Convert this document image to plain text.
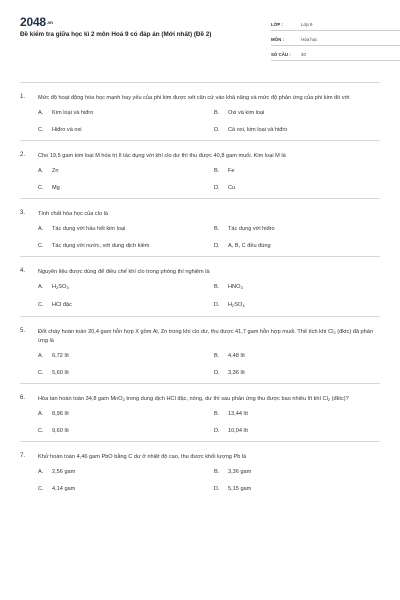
2048.vn
Đề kiểm tra giữa học kì 2 môn Hoá 9 có đáp án (Mới nhất) (Đề 2)
LỚP :	Lớp 9
MÔN :	Hóa học
SỐ CÂU :	30
1. Mức độ hoạt động hóa học mạnh hay yếu của phi kim được xét căn cứ vào khả năng và mức độ phản ứng của phi kim đó với
A.	Kim loại và hiđro	B.	Oxi và kim loại
C.	Hiđro và oxi	D.	Cả oxi, kim loại và hiđro
2. Cho 19,5 gam kim loại M hóa trị II tác dụng với khí clo dư thì thu được 40,8 gam muối. Kim loại M là
A.	Zn	B.	Fe
C.	Mg	D.	Cu
3. Tính chất hóa học của clo là
A.	Tác dụng với hầu hết kim loại	B.	Tác dụng với hiđro
C.	Tác dụng với nước, với dung dịch kiềm	D.	A, B, C đều đúng
4. Nguyên liệu được dùng để điều chế khí clo trong phòng thí nghiệm là
A.	$H_2SO_3$	B.	$HNO_3$
C.	HCl đặc	D.	$H_2SO_4$
5. Đốt cháy hoàn toàn 20,4 gam hỗn hợp X gồm Al, Zn trong khí clo dư, thu được 41,7 gam hỗn hợp muối. Thể tích khí $Cl_2$ (đktc) đã phản ứng là
A.	6,72 lít	B.	4,48 lít
C.	5,60 lít	D.	3,36 lít
6. Hòa tan hoàn toàn 34,8 gam MnO$_2$ trong dung dịch HCl đặc, nóng, dư thì sau phản ứng thu được bao nhiêu lít khí $Cl_2$ (đktc)?
A.	8,96 lít	B.	13,44 lít
C.	9,60 lít	D.	10,04 lít
7. Khử hoàn toàn 4,46 gam PbO bằng C dư ở nhiệt độ cao, thu được khối lượng Pb là
A.	2,56 gam	B.	3,36 gam
C.	4,14 gam	D.	5,15 gam
